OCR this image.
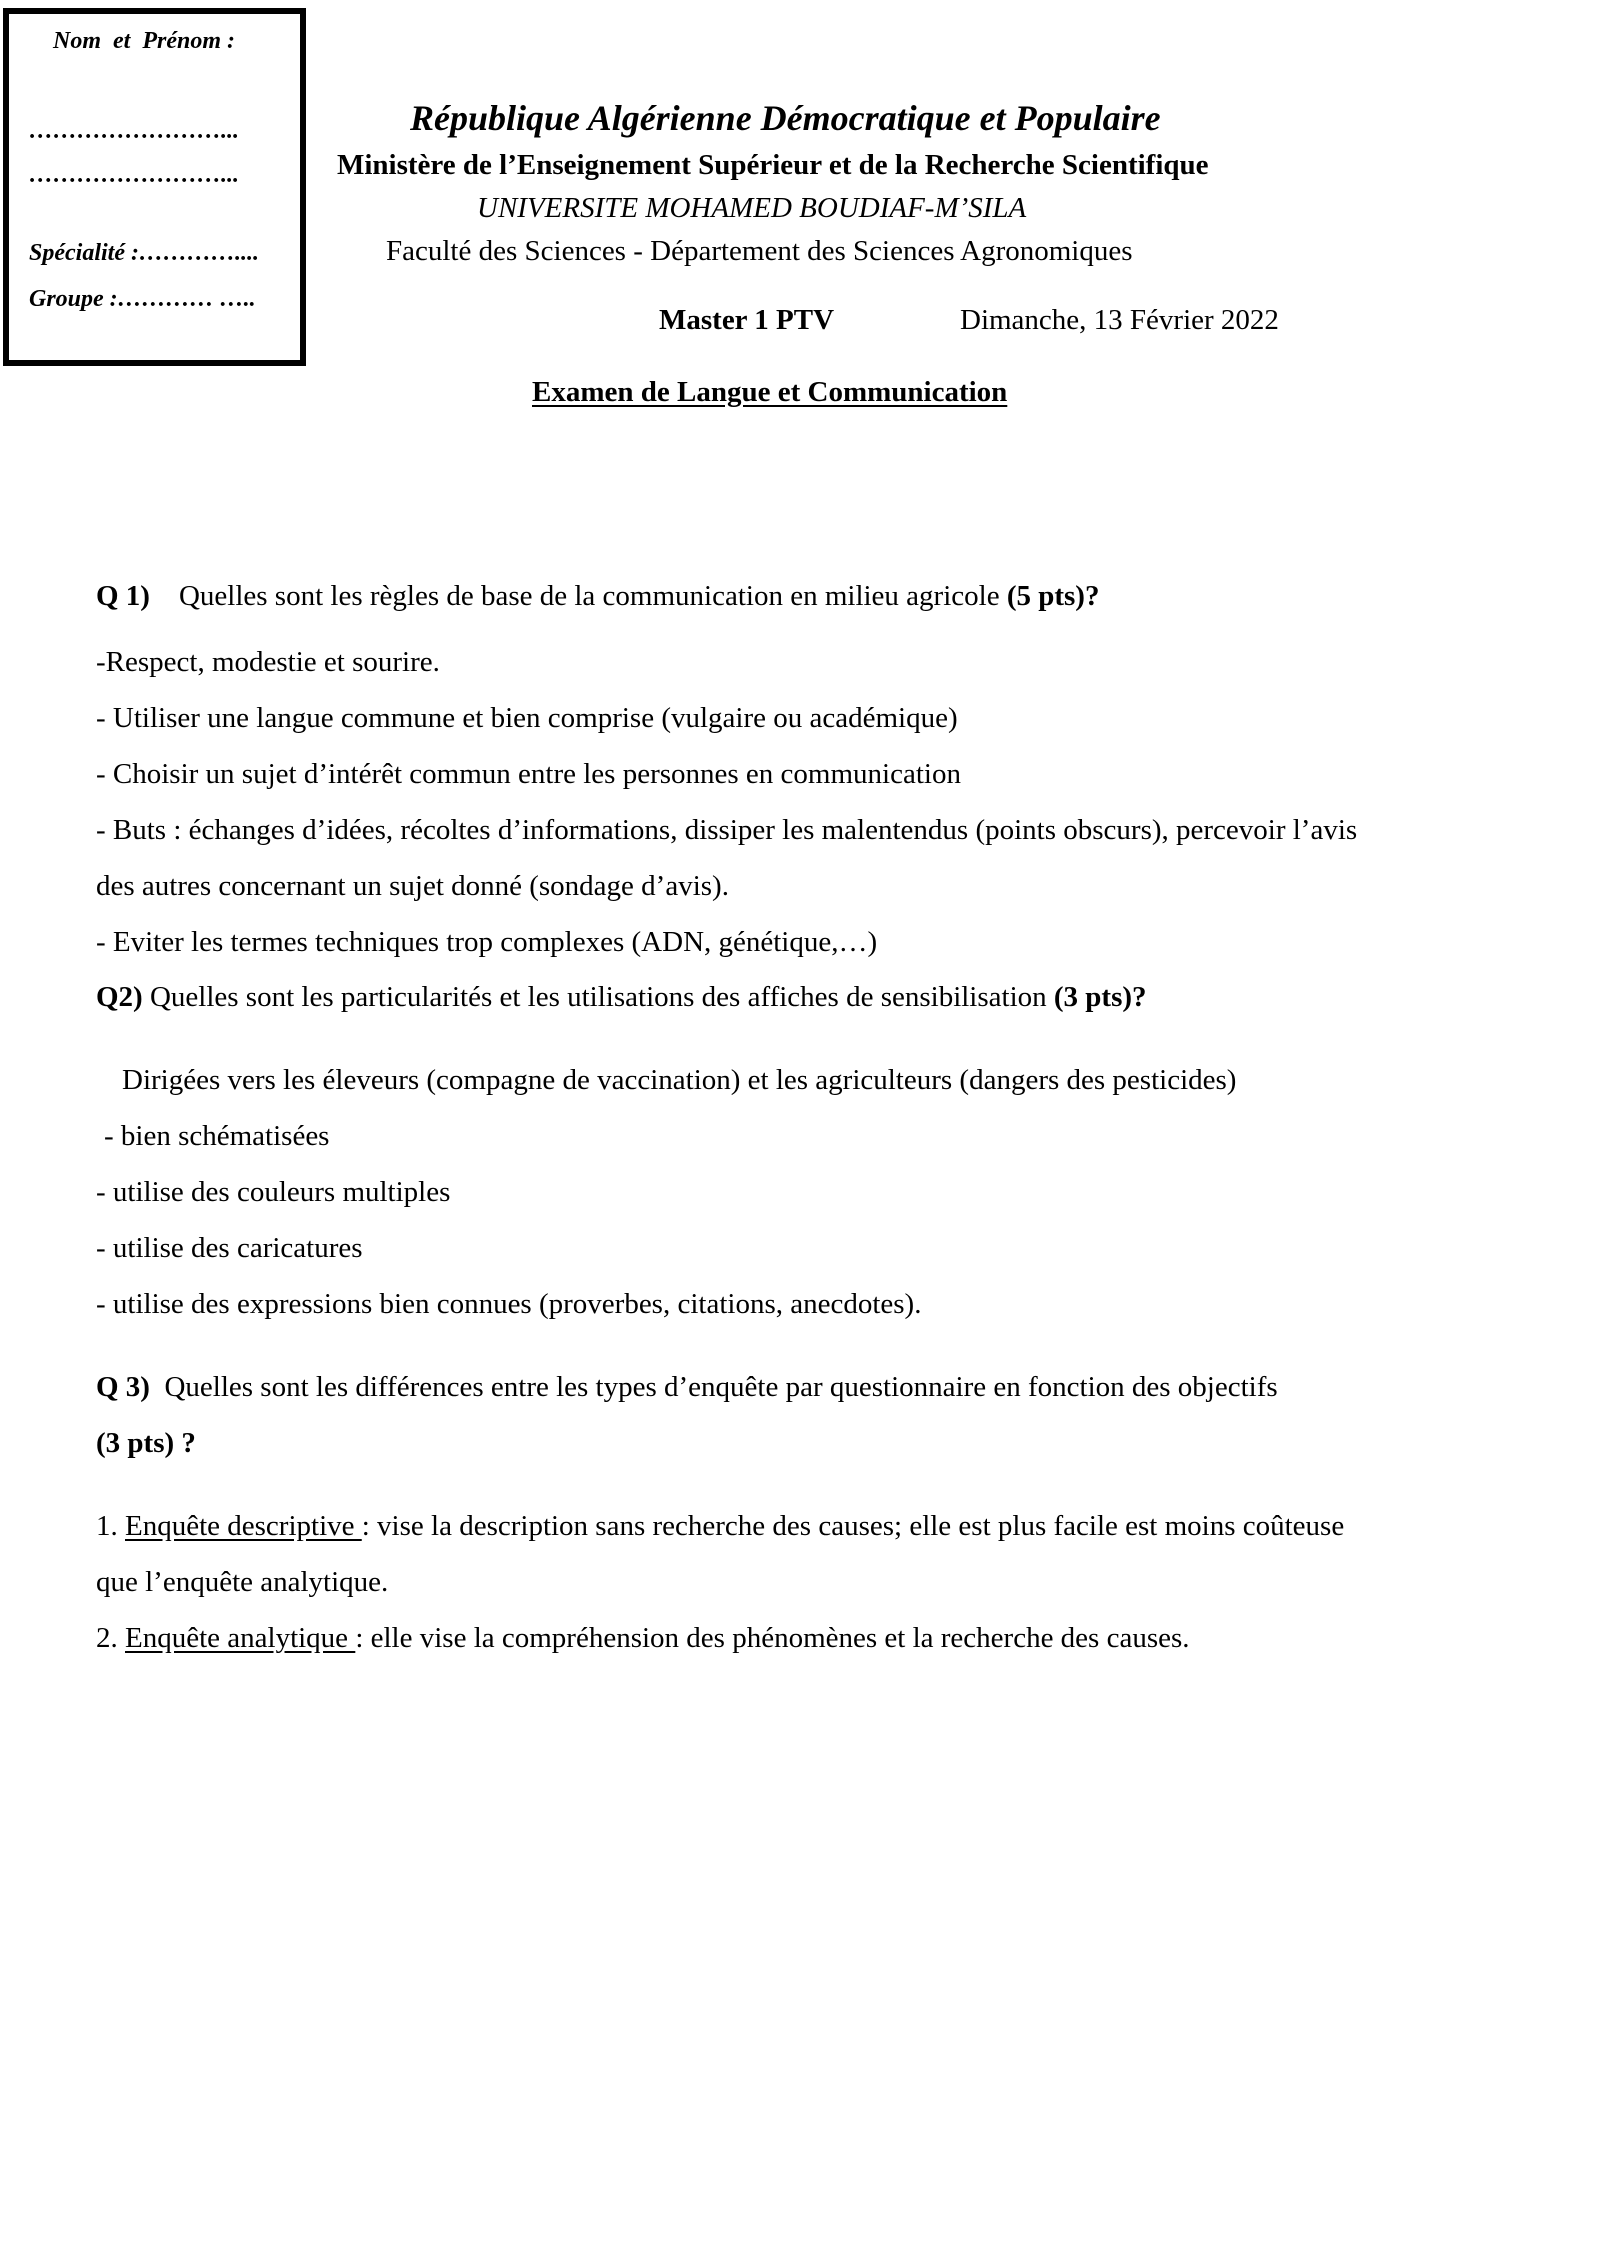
Nom  et  Prénom :
……………………...
……………………...
Spécialité :…………....
Groupe :………… …..
République Algérienne Démocratique et Populaire
Ministère de l’Enseignement Supérieur et de la Recherche Scientifique
UNIVERSITE MOHAMED BOUDIAF-M’SILA
Faculté des Sciences - Département des Sciences Agronomiques
Master 1 PTV	Dimanche, 13 Février 2022
Examen de Langue et Communication
Q 1) Quelles sont les règles de base de la communication en milieu agricole (5 pts)?
-Respect, modestie et sourire.
- Utiliser une langue commune et bien comprise (vulgaire ou académique)
- Choisir un sujet d’intérêt commun entre les personnes en communication
- Buts : échanges d’idées, récoltes d’informations, dissiper les malentendus (points obscurs), percevoir l’avis
des autres concernant un sujet donné (sondage d’avis).
- Eviter les termes techniques trop complexes (ADN, génétique,…)
Q2) Quelles sont les particularités et les utilisations des affiches de sensibilisation (3 pts)?
Dirigées vers les éleveurs (compagne de vaccination) et les agriculteurs (dangers des pesticides)
- bien schématisées
- utilise des couleurs multiples
- utilise des caricatures
- utilise des expressions bien connues (proverbes, citations, anecdotes).
Q 3) Quelles sont les différences entre les types d’enquête par questionnaire en fonction des objectifs
(3 pts) ?
1. Enquête descriptive : vise la description sans recherche des causes; elle est plus facile est moins coûteuse
que l’enquête analytique.
2. Enquête analytique : elle vise la compréhension des phénomènes et la recherche des causes.
